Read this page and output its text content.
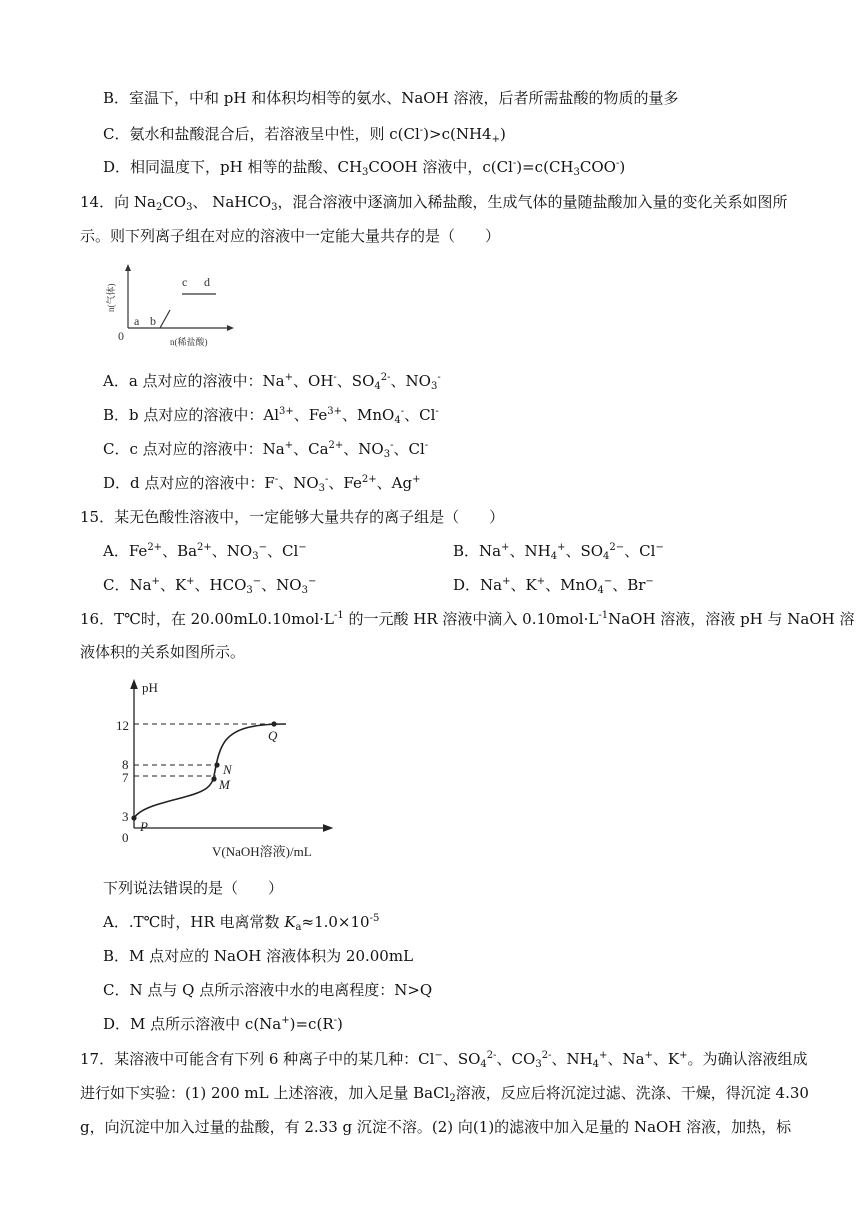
B．室温下，中和 pH 和体积均相等的氨水、NaOH 溶液，后者所需盐酸的物质的量多
C．氨水和盐酸混合后，若溶液呈中性，则 $c(Cl^-)>c(NH4_+)$
D．相同温度下，pH 相等的盐酸、$CH_3COOH$ 溶液中，$c(Cl^-)=c(CH_3COO^-)$
14．向 $Na_2CO_3$、 NaHCO$_3$，混合溶液中逐滴加入稀盐酸，生成气体的量随盐酸加入量的变化关系如图所
示。则下列离子组在对应的溶液中一定能大量共存的是（　　）
n(气体)
0	n(稀盐酸)
a b
c d
A．a 点对应的溶液中：Na+、OH-、$SO_4^{2-}$、$NO_3^-$
B．b 点对应的溶液中：$Al^{3+}$、$Fe^{3+}$、MnO$_4$-、Cl-
C．c 点对应的溶液中：Na+、$Ca^{2+}$、$NO_3^-$、Cl-
D．d 点对应的溶液中：F-、$NO_3^-$、$Fe^{2+}$、Ag+
15．某无色酸性溶液中，一定能够大量共存的离子组是（　　）
A．$Fe^{2+}$、$Ba^{2+}$、$NO_3^-$、Cl−	B．Na+、$NH_4^+$、$SO_4^{2-}$、Cl−
C．Na+、K+、$HCO_3^-$、$NO_3^-$	D．Na+、K+、MnO$_4$−、Br−
16．T℃时，在 $20.00mL0.10mol\cdot L^{-1}$ 的一元酸 HR 溶液中滴入 $0.10mol\cdot L^{-1}NaOH$ 溶液，溶液 pH 与 NaOH 溶
液体积的关系如图所示。
pH
12
8
7
3
0
Q
N
M
P
V(NaOH溶液)/mL
下列说法错误的是（　　）
A．.T℃时，HR 电离常数 $K_a\approx 1.0\times 10^{-5}$
B．M 点对应的 NaOH 溶液体积为 20.00mL
C．N 点与 Q 点所示溶液中水的电离程度：N>Q
D．M 点所示溶液中 c(Na+)=c(R-)
17．某溶液中可能含有下列 6 种离子中的某几种：Cl−、$SO_4^{2-}$、$CO_3^{2-}$、$NH_4^+$、Na+、K+。为确认溶液组成
进行如下实验：(1) 200 mL 上述溶液，加入足量 BaCl$_2$溶液，反应后将沉淀过滤、洗涤、干燥，得沉淀 4.30
g，向沉淀中加入过量的盐酸，有 2.33 g 沉淀不溶。(2) 向(1)的滤液中加入足量的 NaOH 溶液，加热，标
